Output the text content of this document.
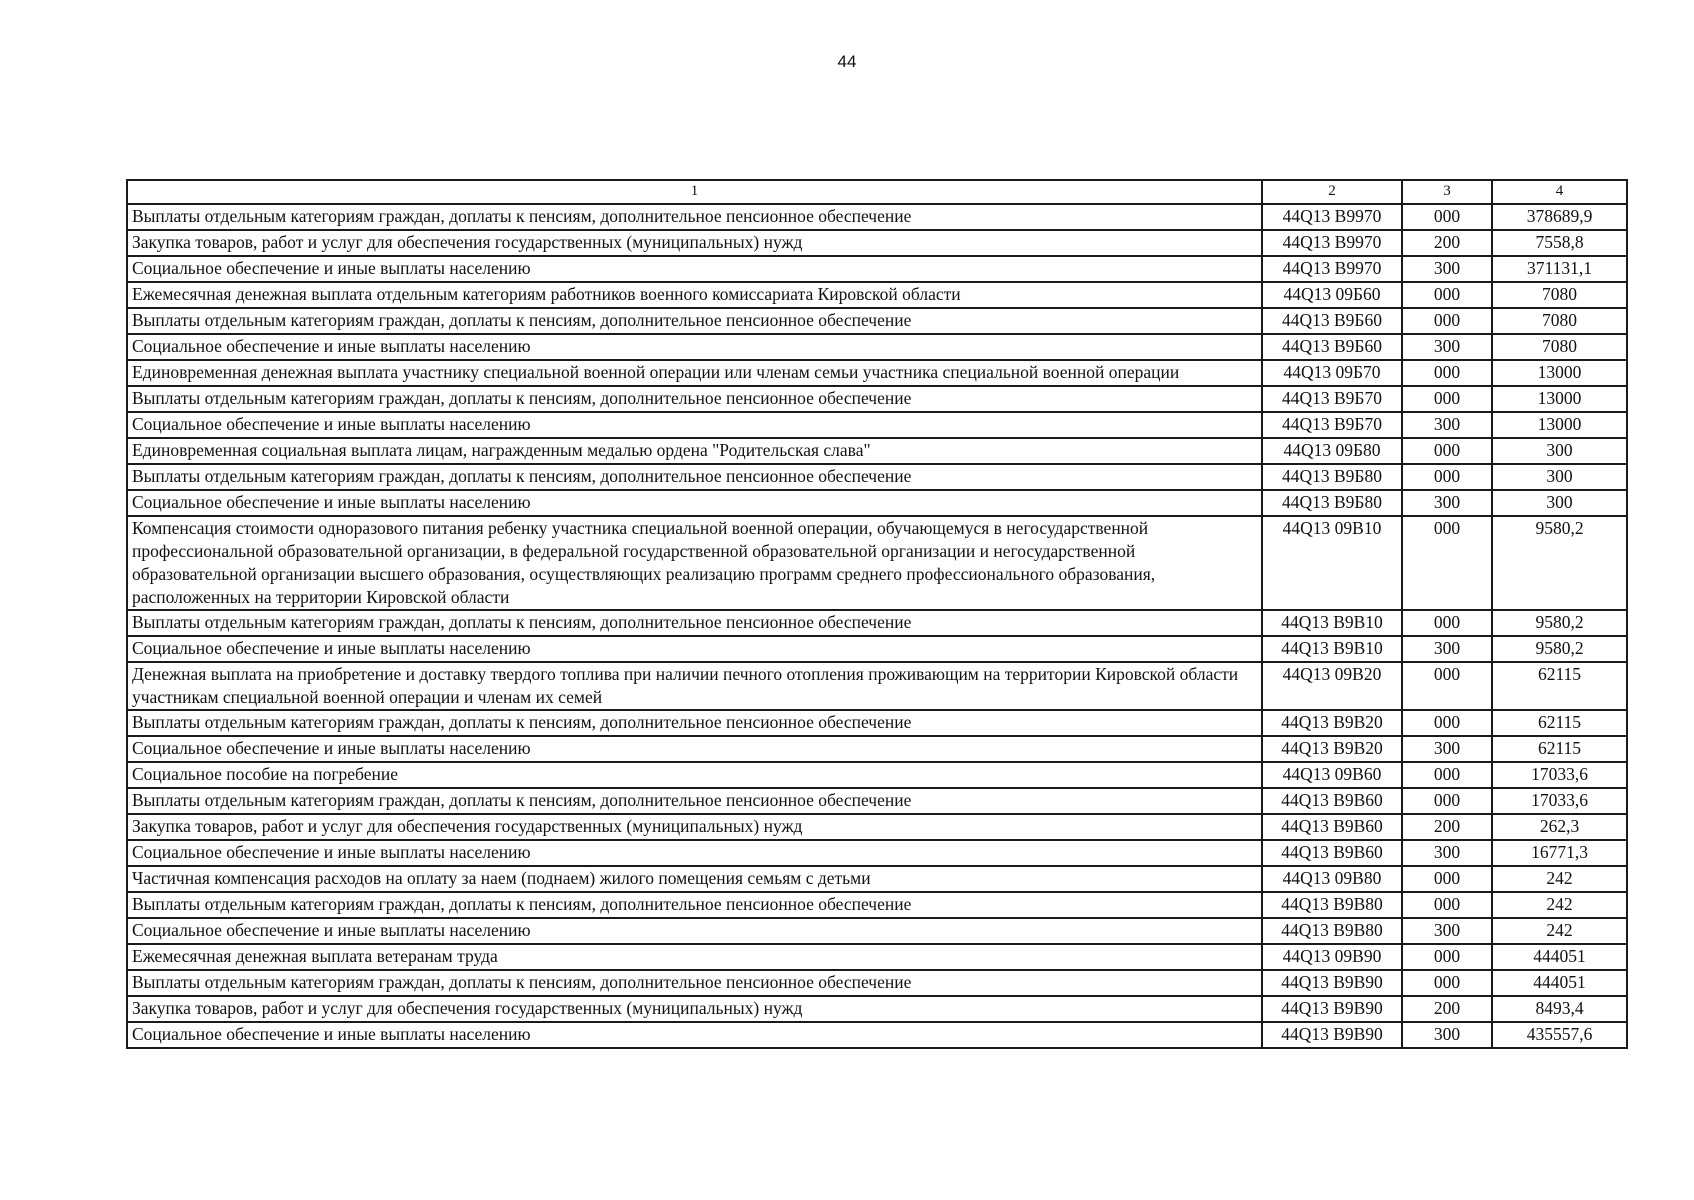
44
1	2	3	4
Выплаты отдельным категориям граждан, доплаты к пенсиям, дополнительное пенсионное обеспечение	44Q13 B9970	000	378689,9
Закупка товаров, работ и услуг для обеспечения государственных (муниципальных) нужд	44Q13 B9970	200	7558,8
Социальное обеспечение и иные выплаты населению	44Q13 B9970	300	371131,1
Ежемесячная денежная выплата отдельным категориям работников военного комиссариата Кировской области	44Q13 09Б60	000	7080
Выплаты отдельным категориям граждан, доплаты к пенсиям, дополнительное пенсионное обеспечение	44Q13 B9Б60	000	7080
Социальное обеспечение и иные выплаты населению	44Q13 B9Б60	300	7080
Единовременная денежная выплата участнику специальной военной операции или членам семьи участника специальной военной операции	44Q13 09Б70	000	13000
Выплаты отдельным категориям граждан, доплаты к пенсиям, дополнительное пенсионное обеспечение	44Q13 B9Б70	000	13000
Социальное обеспечение и иные выплаты населению	44Q13 B9Б70	300	13000
Единовременная социальная выплата лицам, награжденным медалью ордена "Родительская слава"	44Q13 09Б80	000	300
Выплаты отдельным категориям граждан, доплаты к пенсиям, дополнительное пенсионное обеспечение	44Q13 B9Б80	000	300
Социальное обеспечение и иные выплаты населению	44Q13 B9Б80	300	300
Компенсация стоимости одноразового питания ребенку участника специальной военной операции, обучающемуся в негосударственной профессиональной образовательной организации, в федеральной государственной образовательной организации и негосударственной образовательной организации высшего образования, осуществляющих реализацию программ среднего профессионального образования, расположенных на территории Кировской области	44Q13 09B10	000	9580,2
Выплаты отдельным категориям граждан, доплаты к пенсиям, дополнительное пенсионное обеспечение	44Q13 B9B10	000	9580,2
Социальное обеспечение и иные выплаты населению	44Q13 B9B10	300	9580,2
Денежная выплата на приобретение и доставку твердого топлива при наличии печного отопления проживающим на территории Кировской области участникам специальной военной операции и членам их семей	44Q13 09B20	000	62115
Выплаты отдельным категориям граждан, доплаты к пенсиям, дополнительное пенсионное обеспечение	44Q13 B9B20	000	62115
Социальное обеспечение и иные выплаты населению	44Q13 B9B20	300	62115
Социальное пособие на погребение	44Q13 09B60	000	17033,6
Выплаты отдельным категориям граждан, доплаты к пенсиям, дополнительное пенсионное обеспечение	44Q13 B9B60	000	17033,6
Закупка товаров, работ и услуг для обеспечения государственных (муниципальных) нужд	44Q13 B9B60	200	262,3
Социальное обеспечение и иные выплаты населению	44Q13 B9B60	300	16771,3
Частичная компенсация расходов на оплату за наем (поднаем) жилого помещения семьям с детьми	44Q13 09B80	000	242
Выплаты отдельным категориям граждан, доплаты к пенсиям, дополнительное пенсионное обеспечение	44Q13 B9B80	000	242
Социальное обеспечение и иные выплаты населению	44Q13 B9B80	300	242
Ежемесячная денежная выплата ветеранам труда	44Q13 09B90	000	444051
Выплаты отдельным категориям граждан, доплаты к пенсиям, дополнительное пенсионное обеспечение	44Q13 B9B90	000	444051
Закупка товаров, работ и услуг для обеспечения государственных (муниципальных) нужд	44Q13 B9B90	200	8493,4
Социальное обеспечение и иные выплаты населению	44Q13 B9B90	300	435557,6
